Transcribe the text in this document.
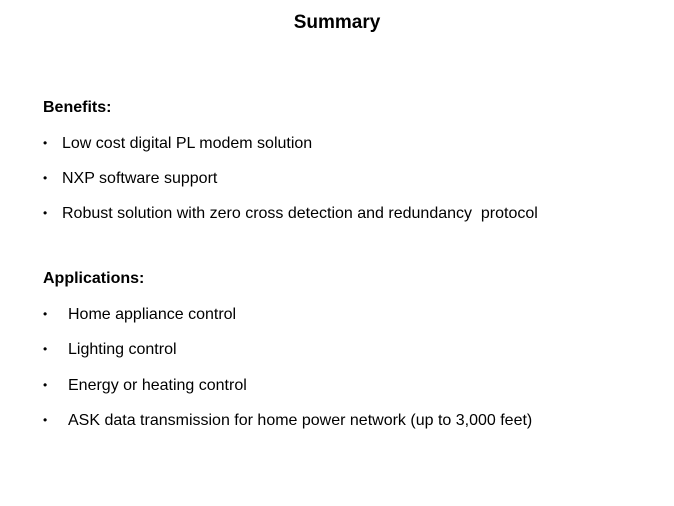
Summary
Benefits:
• Low cost digital PL modem solution
• NXP software support
• Robust solution with zero cross detection and redundancy  protocol
Applications:
• Home appliance control
• Lighting control
• Energy or heating control
• ASK data transmission for home power network (up to 3,000 feet)
